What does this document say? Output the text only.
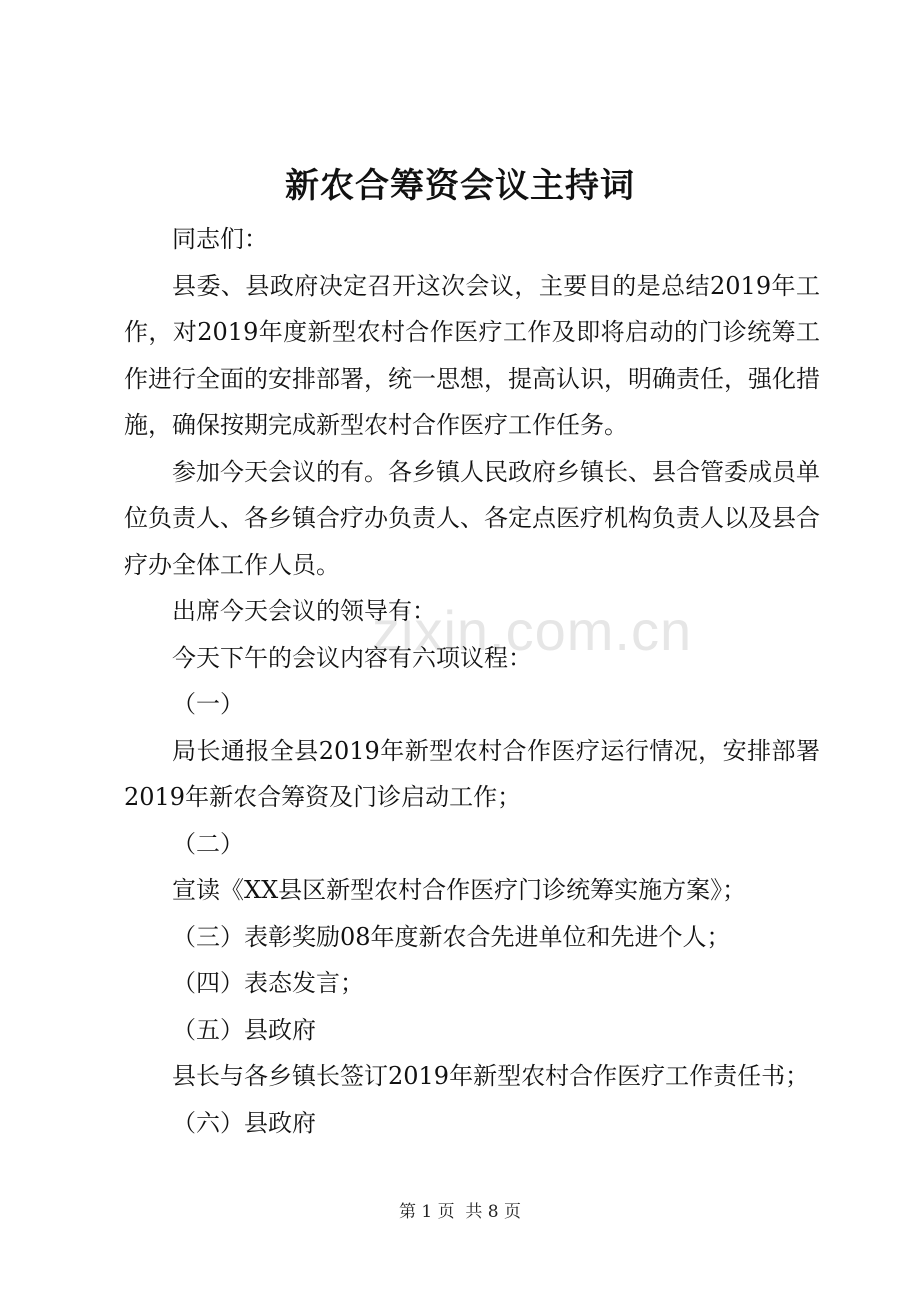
zixin.com.cn
新农合筹资会议主持词

同志们：

县委、县政府决定召开这次会议，主要目的是总结2019年工作，对2019年度新型农村合作医疗工作及即将启动的门诊统筹工作进行全面的安排部署，统一思想，提高认识，明确责任，强化措施，确保按期完成新型农村合作医疗工作任务。

参加今天会议的有。各乡镇人民政府乡镇长、县合管委成员单位负责人、各乡镇合疗办负责人、各定点医疗机构负责人以及县合疗办全体工作人员。

出席今天会议的领导有：

今天下午的会议内容有六项议程：

（一）

局长通报全县2019年新型农村合作医疗运行情况，安排部署2019年新农合筹资及门诊启动工作；

（二）

宣读《XX县区新型农村合作医疗门诊统筹实施方案》；

（三）表彰奖励08年度新农合先进单位和先进个人；

（四）表态发言；

（五）县政府

县长与各乡镇长签订2019年新型农村合作医疗工作责任书；

（六）县政府

第 1 页  共 8 页
